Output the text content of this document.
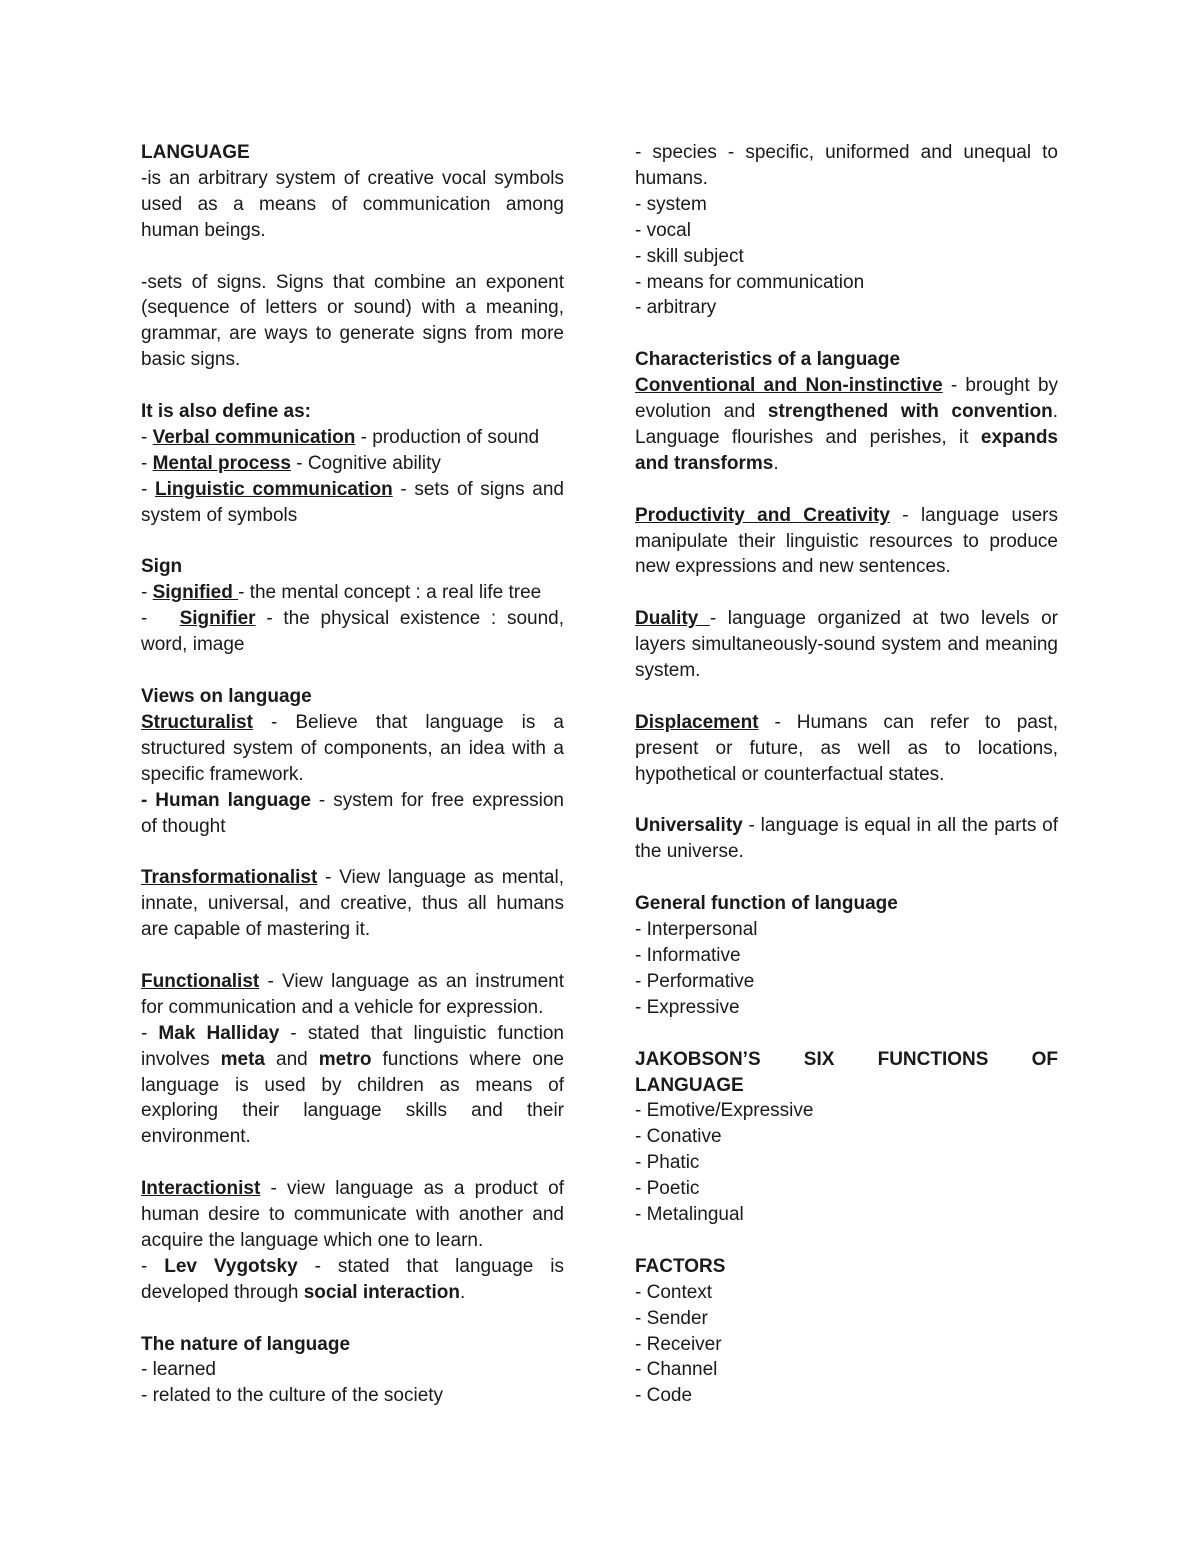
LANGUAGE
-is an arbitrary system of creative vocal symbols used as a means of communication among human beings.
-sets of signs. Signs that combine an exponent (sequence of letters or sound) with a meaning, grammar, are ways to generate signs from more basic signs.
It is also define as:
- Verbal communication - production of sound
- Mental process - Cognitive ability
- Linguistic communication - sets of signs and system of symbols
Sign
- Signified - the mental concept : a real life tree
-   Signifier - the physical existence : sound, word, image
Views on language
Structuralist - Believe that language is a structured system of components, an idea with a specific framework.
- Human language - system for free expression of thought
Transformationalist - View language as mental, innate, universal, and creative, thus all humans are capable of mastering it.
Functionalist - View language as an instrument for communication and a vehicle for expression.
- Mak Halliday - stated that linguistic function involves meta and metro functions where one language is used by children as means of exploring their language skills and their environment.
Interactionist - view language as a product of human desire to communicate with another and acquire the language which one to learn.
- Lev Vygotsky - stated that language is developed through social interaction.
The nature of language
- learned
- related to the culture of the society
- species - specific, uniformed and unequal to humans.
- system
- vocal
- skill subject
- means for communication
- arbitrary
Characteristics of a language
Conventional and Non-instinctive - brought by evolution and strengthened with convention. Language flourishes and perishes, it expands and transforms.
Productivity and Creativity - language users manipulate their linguistic resources to produce new expressions and new sentences.
Duality - language organized at two levels or layers simultaneously-sound system and meaning system.
Displacement - Humans can refer to past, present or future, as well as to locations, hypothetical or counterfactual states.
Universality - language is equal in all the parts of the universe.
General function of language
- Interpersonal
- Informative
- Performative
- Expressive
JAKOBSON’S SIX FUNCTIONS OF
LANGUAGE
- Emotive/Expressive
- Conative
- Phatic
- Poetic
- Metalingual
FACTORS
- Context
- Sender
- Receiver
- Channel
- Code
